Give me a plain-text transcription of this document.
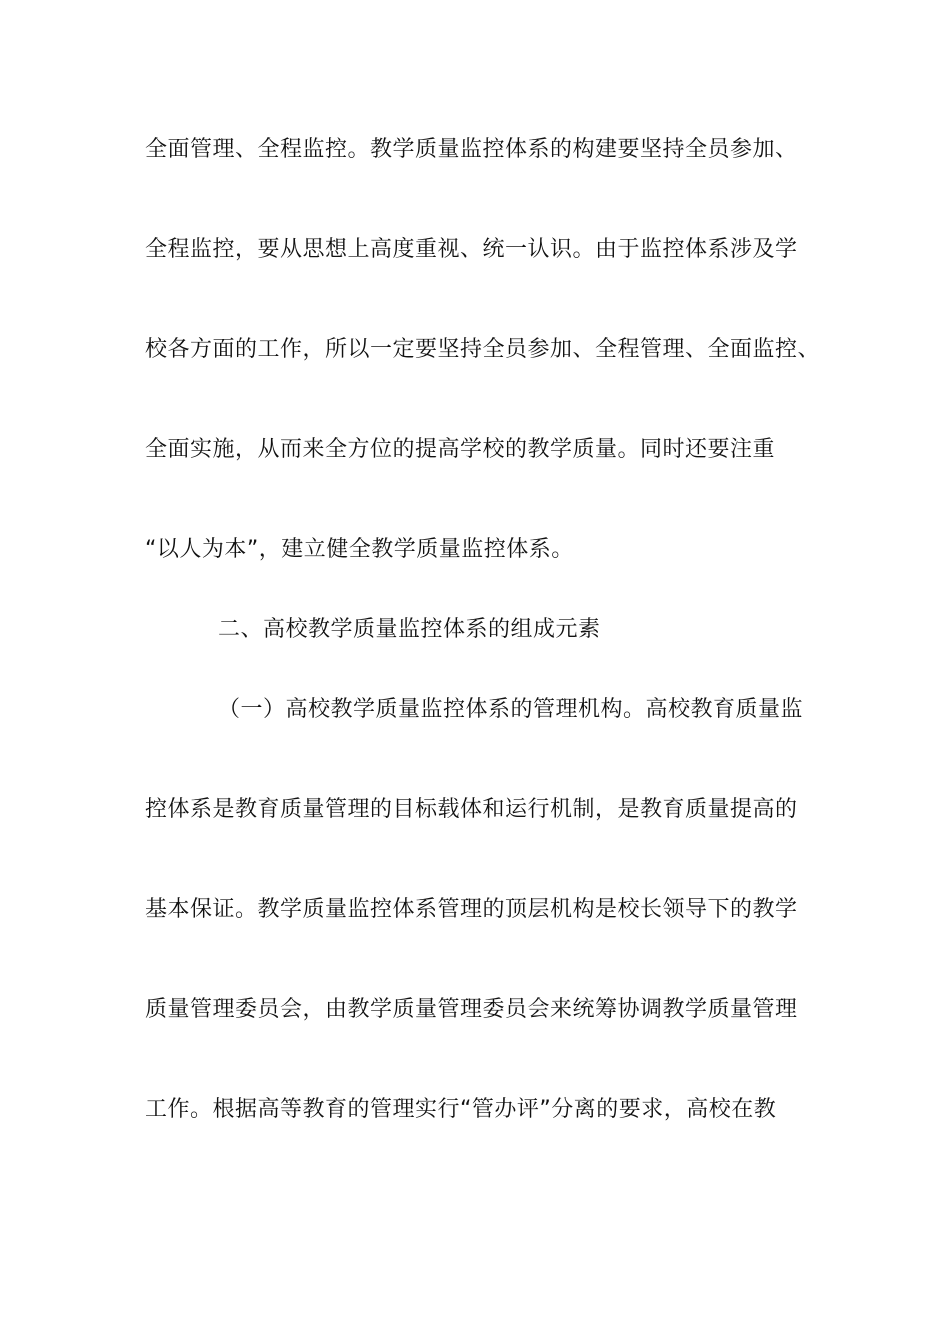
全面管理、全程监控。教学质量监控体系的构建要坚持全员参加、
全程监控，要从思想上高度重视、统一认识。由于监控体系涉及学
校各方面的工作，所以一定要坚持全员参加、全程管理、全面监控、
全面实施，从而来全方位的提高学校的教学质量。同时还要注重
“以人为本”，建立健全教学质量监控体系。
二、高校教学质量监控体系的组成元素
（一）高校教学质量监控体系的管理机构。高校教育质量监
控体系是教育质量管理的目标载体和运行机制，是教育质量提高的
基本保证。教学质量监控体系管理的顶层机构是校长领导下的教学
质量管理委员会，由教学质量管理委员会来统筹协调教学质量管理
工作。根据高等教育的管理实行“管办评”分离的要求，高校在教
